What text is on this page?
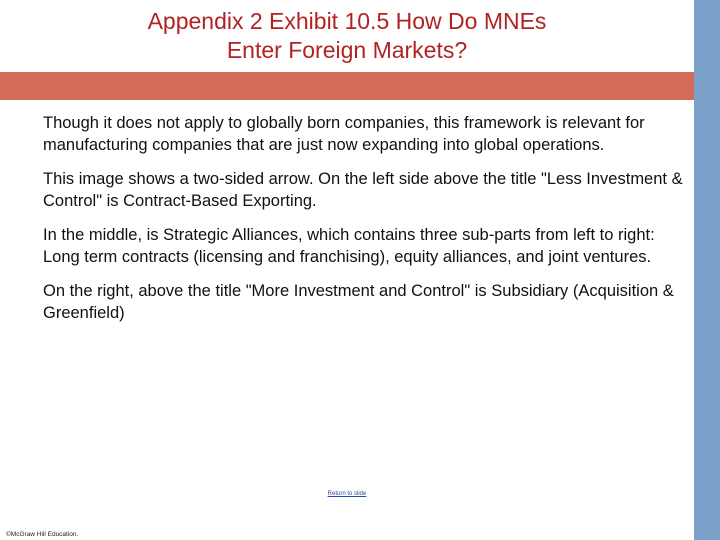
Appendix 2 Exhibit 10.5 How Do MNEs
Enter Foreign Markets?

Though it does not apply to globally born companies, this framework is relevant for manufacturing companies that are just now expanding into global operations.

This image shows a two-sided arrow. On the left side above the title "Less Investment & Control" is Contract-Based Exporting.

In the middle, is Strategic Alliances, which contains three sub-parts from left to right: Long term contracts (licensing and franchising), equity alliances, and joint ventures.

On the right, above the title "More Investment and Control" is Subsidiary (Acquisition & Greenfield)

Return to slide
©McGraw Hill Education.
